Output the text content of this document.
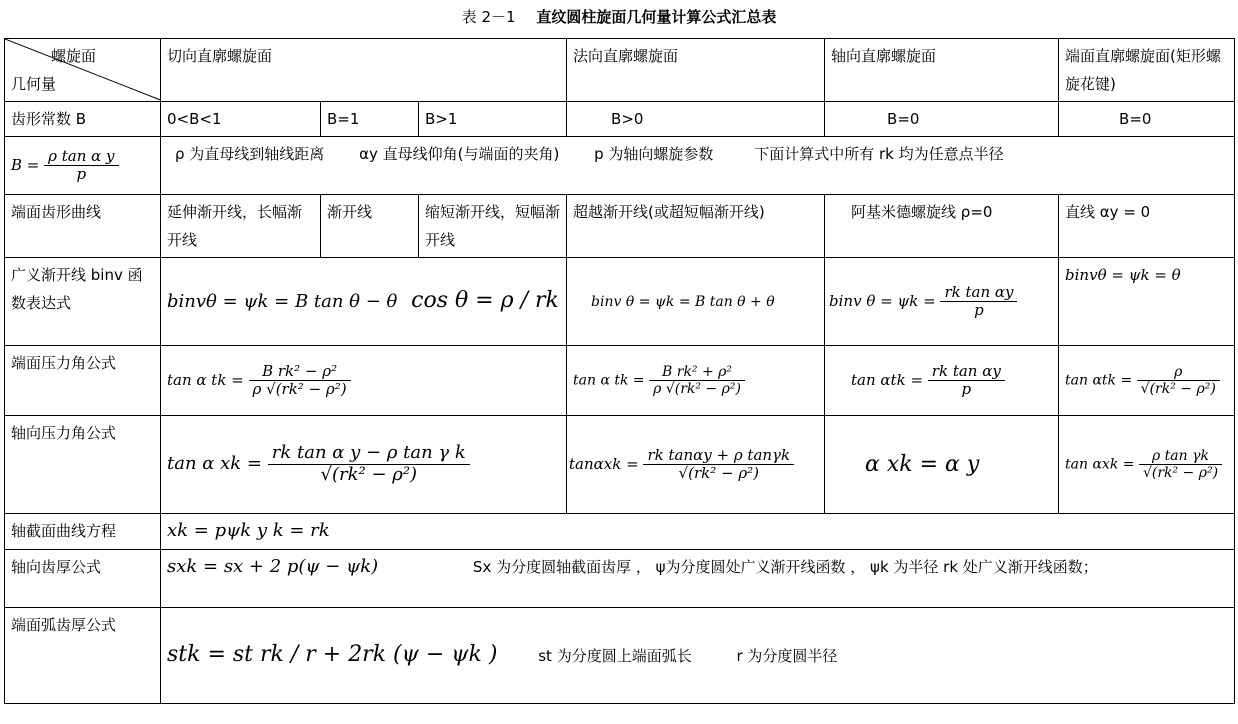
表 2－1 直纹圆柱旋面几何量计算公式汇总表
螺旋面
几何量	切向直廓螺旋面			法向直廓螺旋面	轴向直廓螺旋面	端面直廓螺旋面(矩形螺旋花键)
齿形常数 B	0<B<1	B=1	B>1	B>0	B=0	B=0
$B = \frac{\text{ρ tan α y}}{p}$	ρ 为直母线到轴线距离 αy 直母线仰角(与端面的夹角) p 为轴向螺旋参数 下面计算式中所有 rk 均为任意点半径					
端面齿形曲线	延伸渐开线，长幅渐开线	渐开线	缩短渐开线，短幅渐开线	超越渐开线(或超短幅渐开线)	阿基米德螺旋线 ρ=0	直线 αy = 0
广义渐开线 binv 函数表达式	binvθ = ψk = B tan θ − θ cos θ = ρ / rk			binv θ = ψk = B tan θ + θ	binv $\theta = \psi k = \frac{\text{rk tan αy}}{p}$	binvθ = ψk = θ
端面压力角公式	tan α tk = $\frac{\text{B rk² − ρ²}}{\text{ρ √(rk² − ρ²)}}$			tan α tk = $\frac{\text{B rk² + ρ²}}{\text{ρ √(rk² − ρ²)}}$	$\tan \alpha tk = \frac{\text{rk tan αy}}{p}$	$\tan \alpha tk = \frac{\rho}{\text{√(rk² − ρ²)}}$

轴向压力角公式	tan α xk = $\frac{\text{rk tan α y − ρ tan γ k}}{\text{√(rk² − ρ²)}}$			$\tan\alpha xk = \frac{\text{rk tanαy + ρ tanγk}}{\text{√(rk² − ρ²)}}$	α xk = α y	$\tan \alpha xk = \frac{\text{ρ tan γk}}{\text{√(rk² − ρ²)}}$

轴截面曲线方程	xk = pψk y k = rk					
轴向齿厚公式	sxk = sx + 2 p(ψ − ψk) Sx 为分度圆轴截面齿厚 ， ψ为分度圆处广义渐开线函数 ， ψk 为半径 rk 处广义渐开线函数；					
端面弧齿厚公式	stk = st rk / r + 2rk (ψ − ψk ) st 为分度圆上端面弧长 r 为分度圆半径					
